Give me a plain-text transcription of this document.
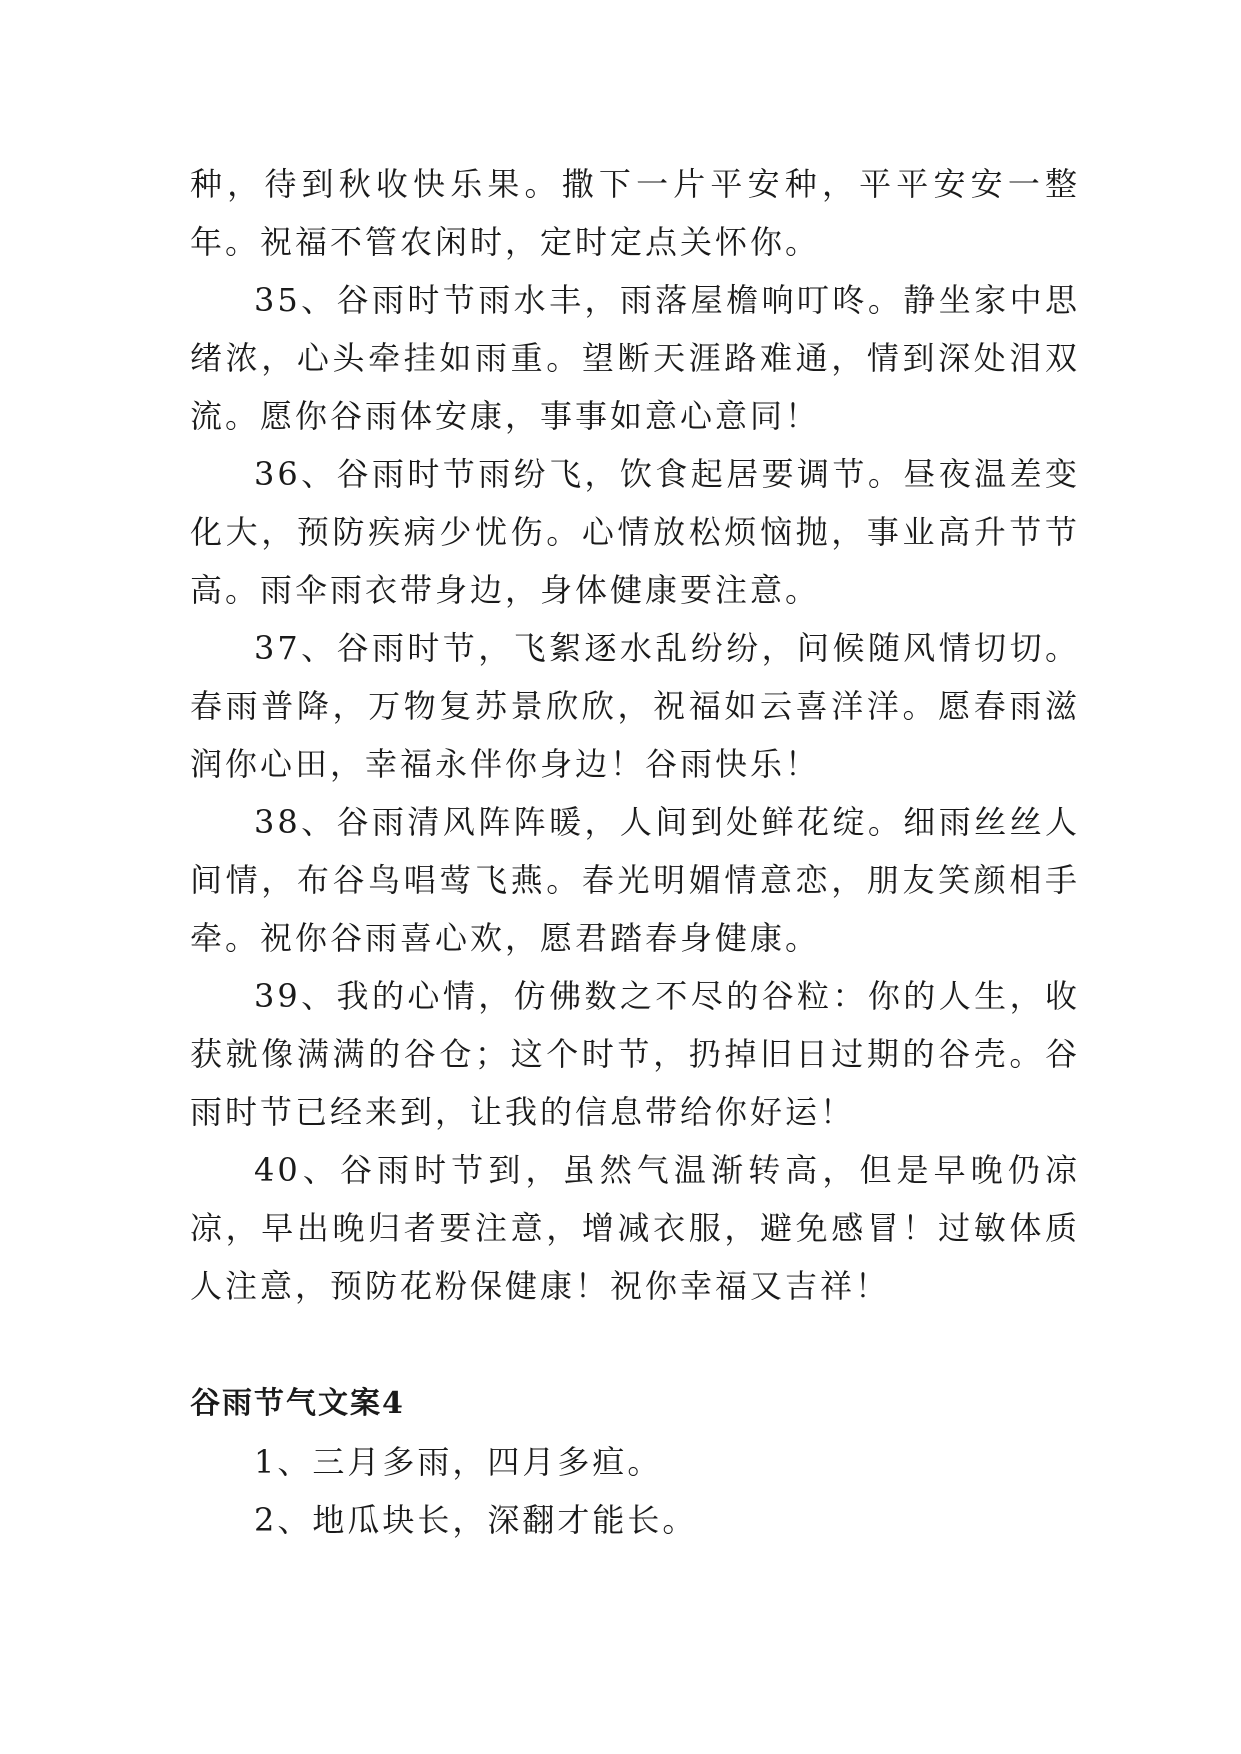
种，待到秋收快乐果。撒下一片平安种，平平安安一整年。祝福不管农闲时，定时定点关怀你。

35、谷雨时节雨水丰，雨落屋檐响叮咚。静坐家中思绪浓，心头牵挂如雨重。望断天涯路难通，情到深处泪双流。愿你谷雨体安康，事事如意心意同！

36、谷雨时节雨纷飞，饮食起居要调节。昼夜温差变化大，预防疾病少忧伤。心情放松烦恼抛，事业高升节节高。雨伞雨衣带身边，身体健康要注意。

37、谷雨时节，飞絮逐水乱纷纷，问候随风情切切。春雨普降，万物复苏景欣欣，祝福如云喜洋洋。愿春雨滋润你心田，幸福永伴你身边！谷雨快乐！

38、谷雨清风阵阵暖，人间到处鲜花绽。细雨丝丝人间情，布谷鸟唱莺飞燕。春光明媚情意恋，朋友笑颜相手牵。祝你谷雨喜心欢，愿君踏春身健康。

39、我的心情，仿佛数之不尽的谷粒：你的人生，收获就像满满的谷仓；这个时节，扔掉旧日过期的谷壳。谷雨时节已经来到，让我的信息带给你好运！

40、谷雨时节到，虽然气温渐转高，但是早晚仍凉凉，早出晚归者要注意，增减衣服，避免感冒！过敏体质人注意，预防花粉保健康！祝你幸福又吉祥！

谷雨节气文案4

1、三月多雨，四月多疸。

2、地瓜块长，深翻才能长。
